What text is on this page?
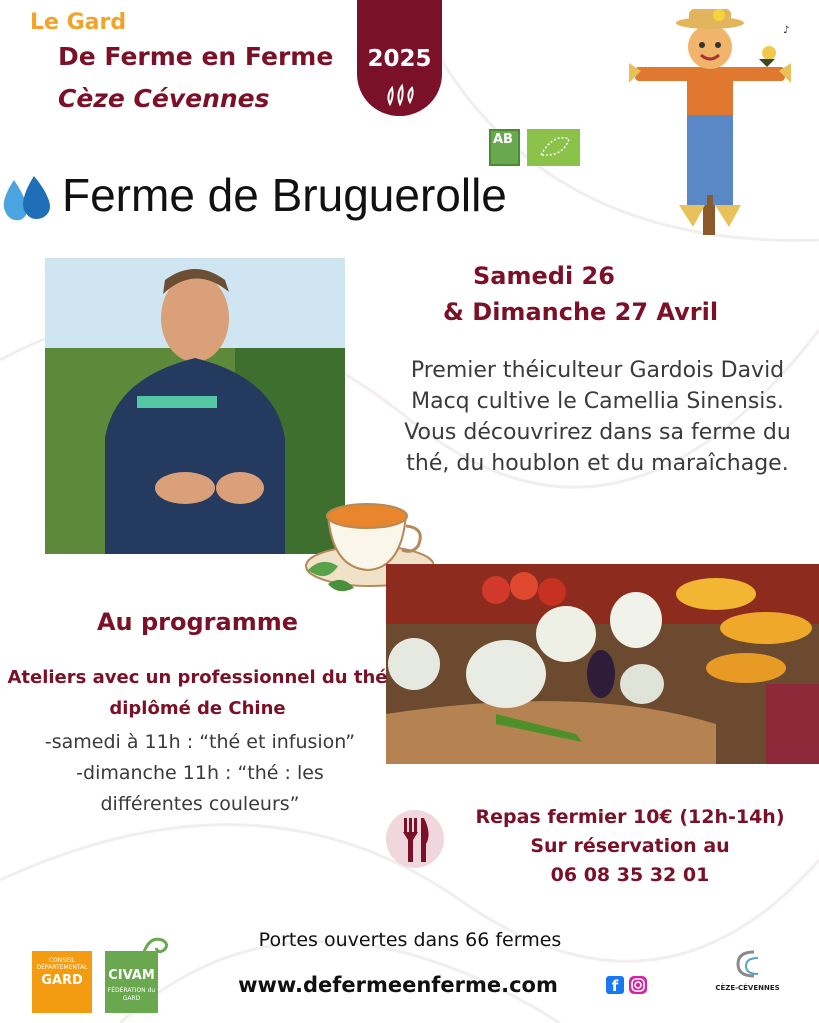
Le Gard
De Ferme en Ferme
Cèze Cévennes
2025
AB
♪
Ferme de Bruguerolle
Samedi 26
& Dimanche 27 Avril
Premier théiculteur Gardois David Macq cultive le Camellia Sinensis. Vous découvrirez dans sa ferme du thé, du houblon et du maraîchage.
Au programme
Ateliers avec un professionnel du thé diplômé de Chine
-samedi à 11h : “thé et infusion”
-dimanche 11h : “thé : les différentes couleurs”
Repas fermier 10€ (12h-14h)
Sur réservation au
06 08 35 32 01
CONSEIL DÉPARTEMENTAL
GARD	CIVAM
FÉDÉRATION du GARD
Portes ouvertes dans 66 fermes
www.defermeenferme.com	f	CÈZE-CÉVENNES
